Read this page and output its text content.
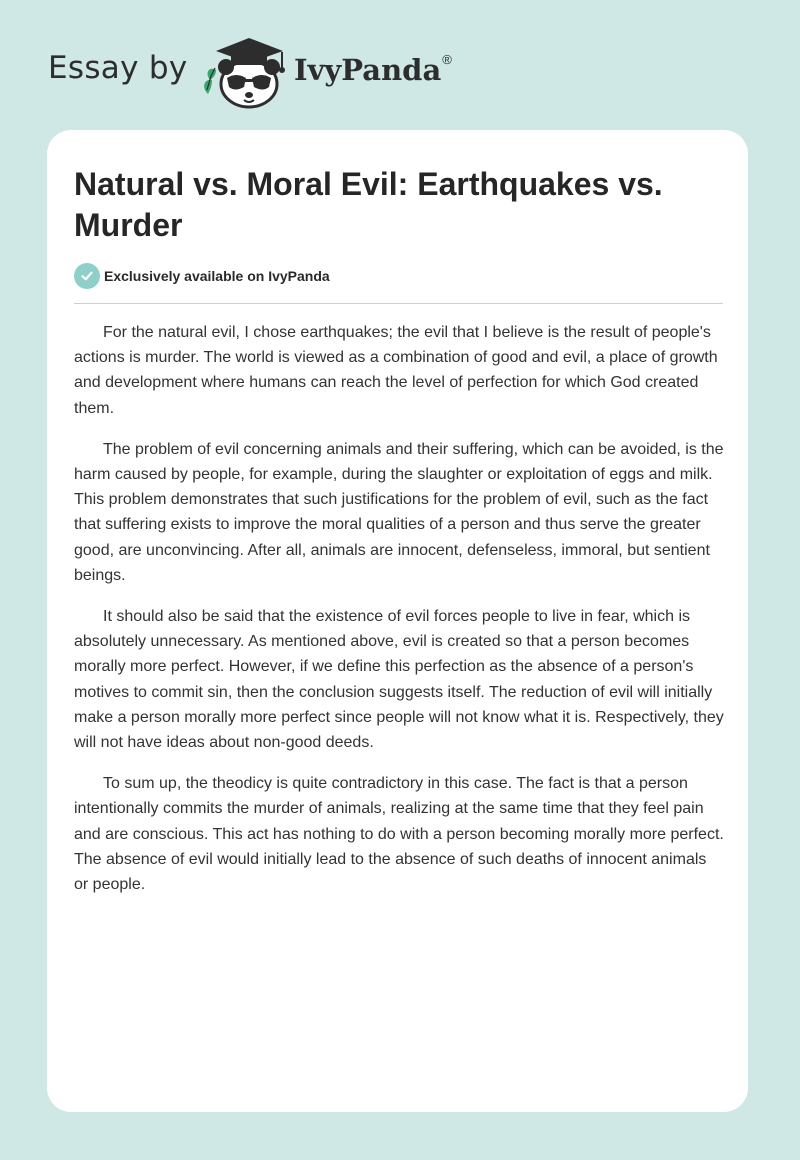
Essay by	IvyPanda®
Natural vs. Moral Evil: Earthquakes vs. Murder
Exclusively available on IvyPanda

For the natural evil, I chose earthquakes; the evil that I believe is the result of people's actions is murder. The world is viewed as a combination of good and evil, a place of growth and development where humans can reach the level of perfection for which God created them.

The problem of evil concerning animals and their suffering, which can be avoided, is the harm caused by people, for example, during the slaughter or exploitation of eggs and milk. This problem demonstrates that such justifications for the problem of evil, such as the fact that suffering exists to improve the moral qualities of a person and thus serve the greater good, are unconvincing. After all, animals are innocent, defenseless, immoral, but sentient beings.

It should also be said that the existence of evil forces people to live in fear, which is absolutely unnecessary. As mentioned above, evil is created so that a person becomes morally more perfect. However, if we define this perfection as the absence of a person's motives to commit sin, then the conclusion suggests itself. The reduction of evil will initially make a person morally more perfect since people will not know what it is. Respectively, they will not have ideas about non-good deeds.

To sum up, the theodicy is quite contradictory in this case. The fact is that a person intentionally commits the murder of animals, realizing at the same time that they feel pain and are conscious. This act has nothing to do with a person becoming morally more perfect. The absence of evil would initially lead to the absence of such deaths of innocent animals or people.
